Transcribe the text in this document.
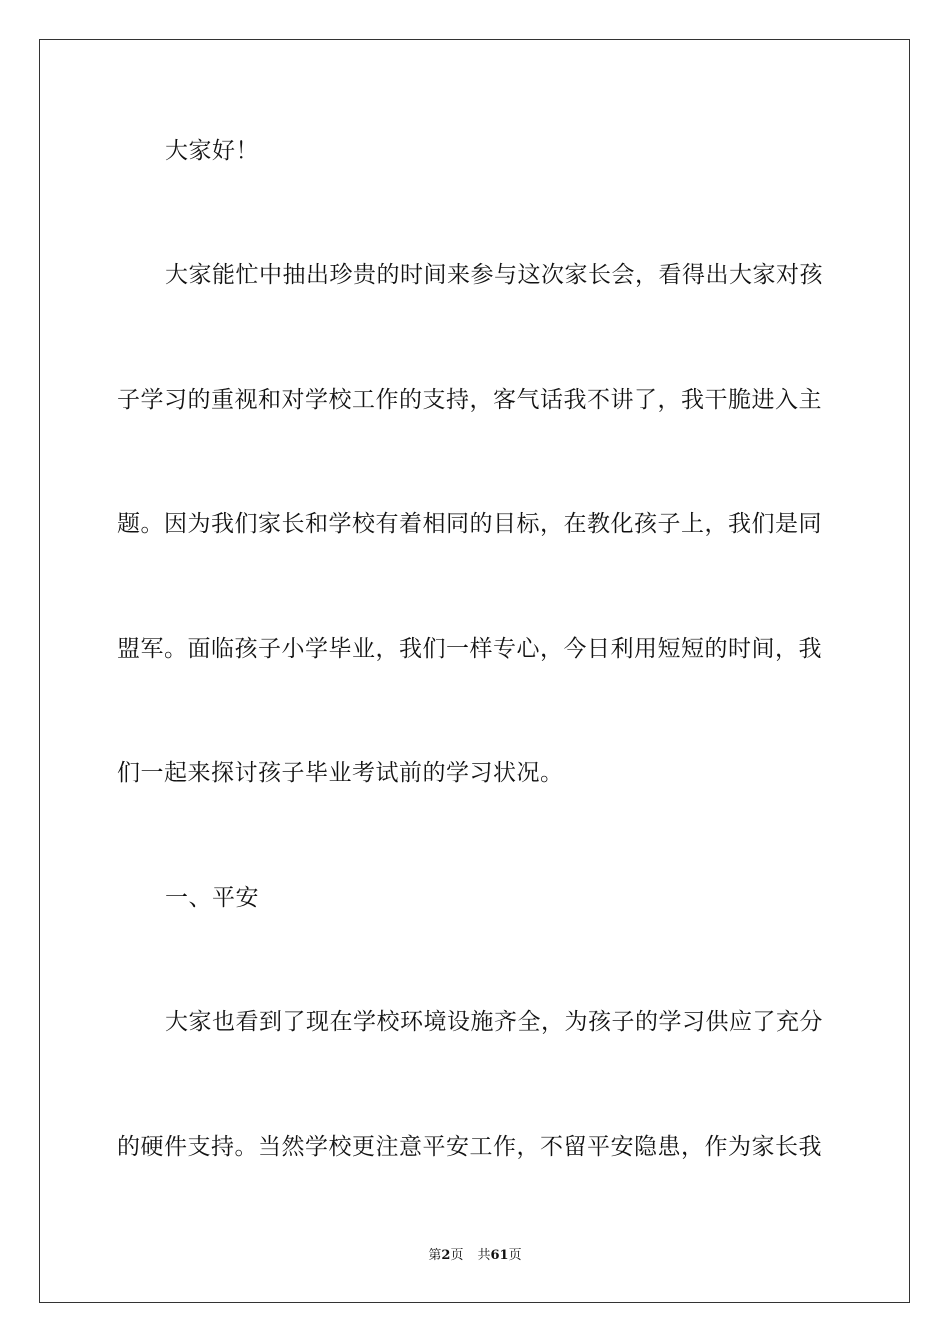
大家好！
大家能忙中抽出珍贵的时间来参与这次家长会，看得出大家对孩
子学习的重视和对学校工作的支持，客气话我不讲了，我干脆进入主
题。因为我们家长和学校有着相同的目标，在教化孩子上，我们是同
盟军。面临孩子小学毕业，我们一样专心，今日利用短短的时间，我
们一起来探讨孩子毕业考试前的学习状况。
一、平安
大家也看到了现在学校环境设施齐全，为孩子的学习供应了充分
的硬件支持。当然学校更注意平安工作，不留平安隐患，作为家长我
第2页 共61页
